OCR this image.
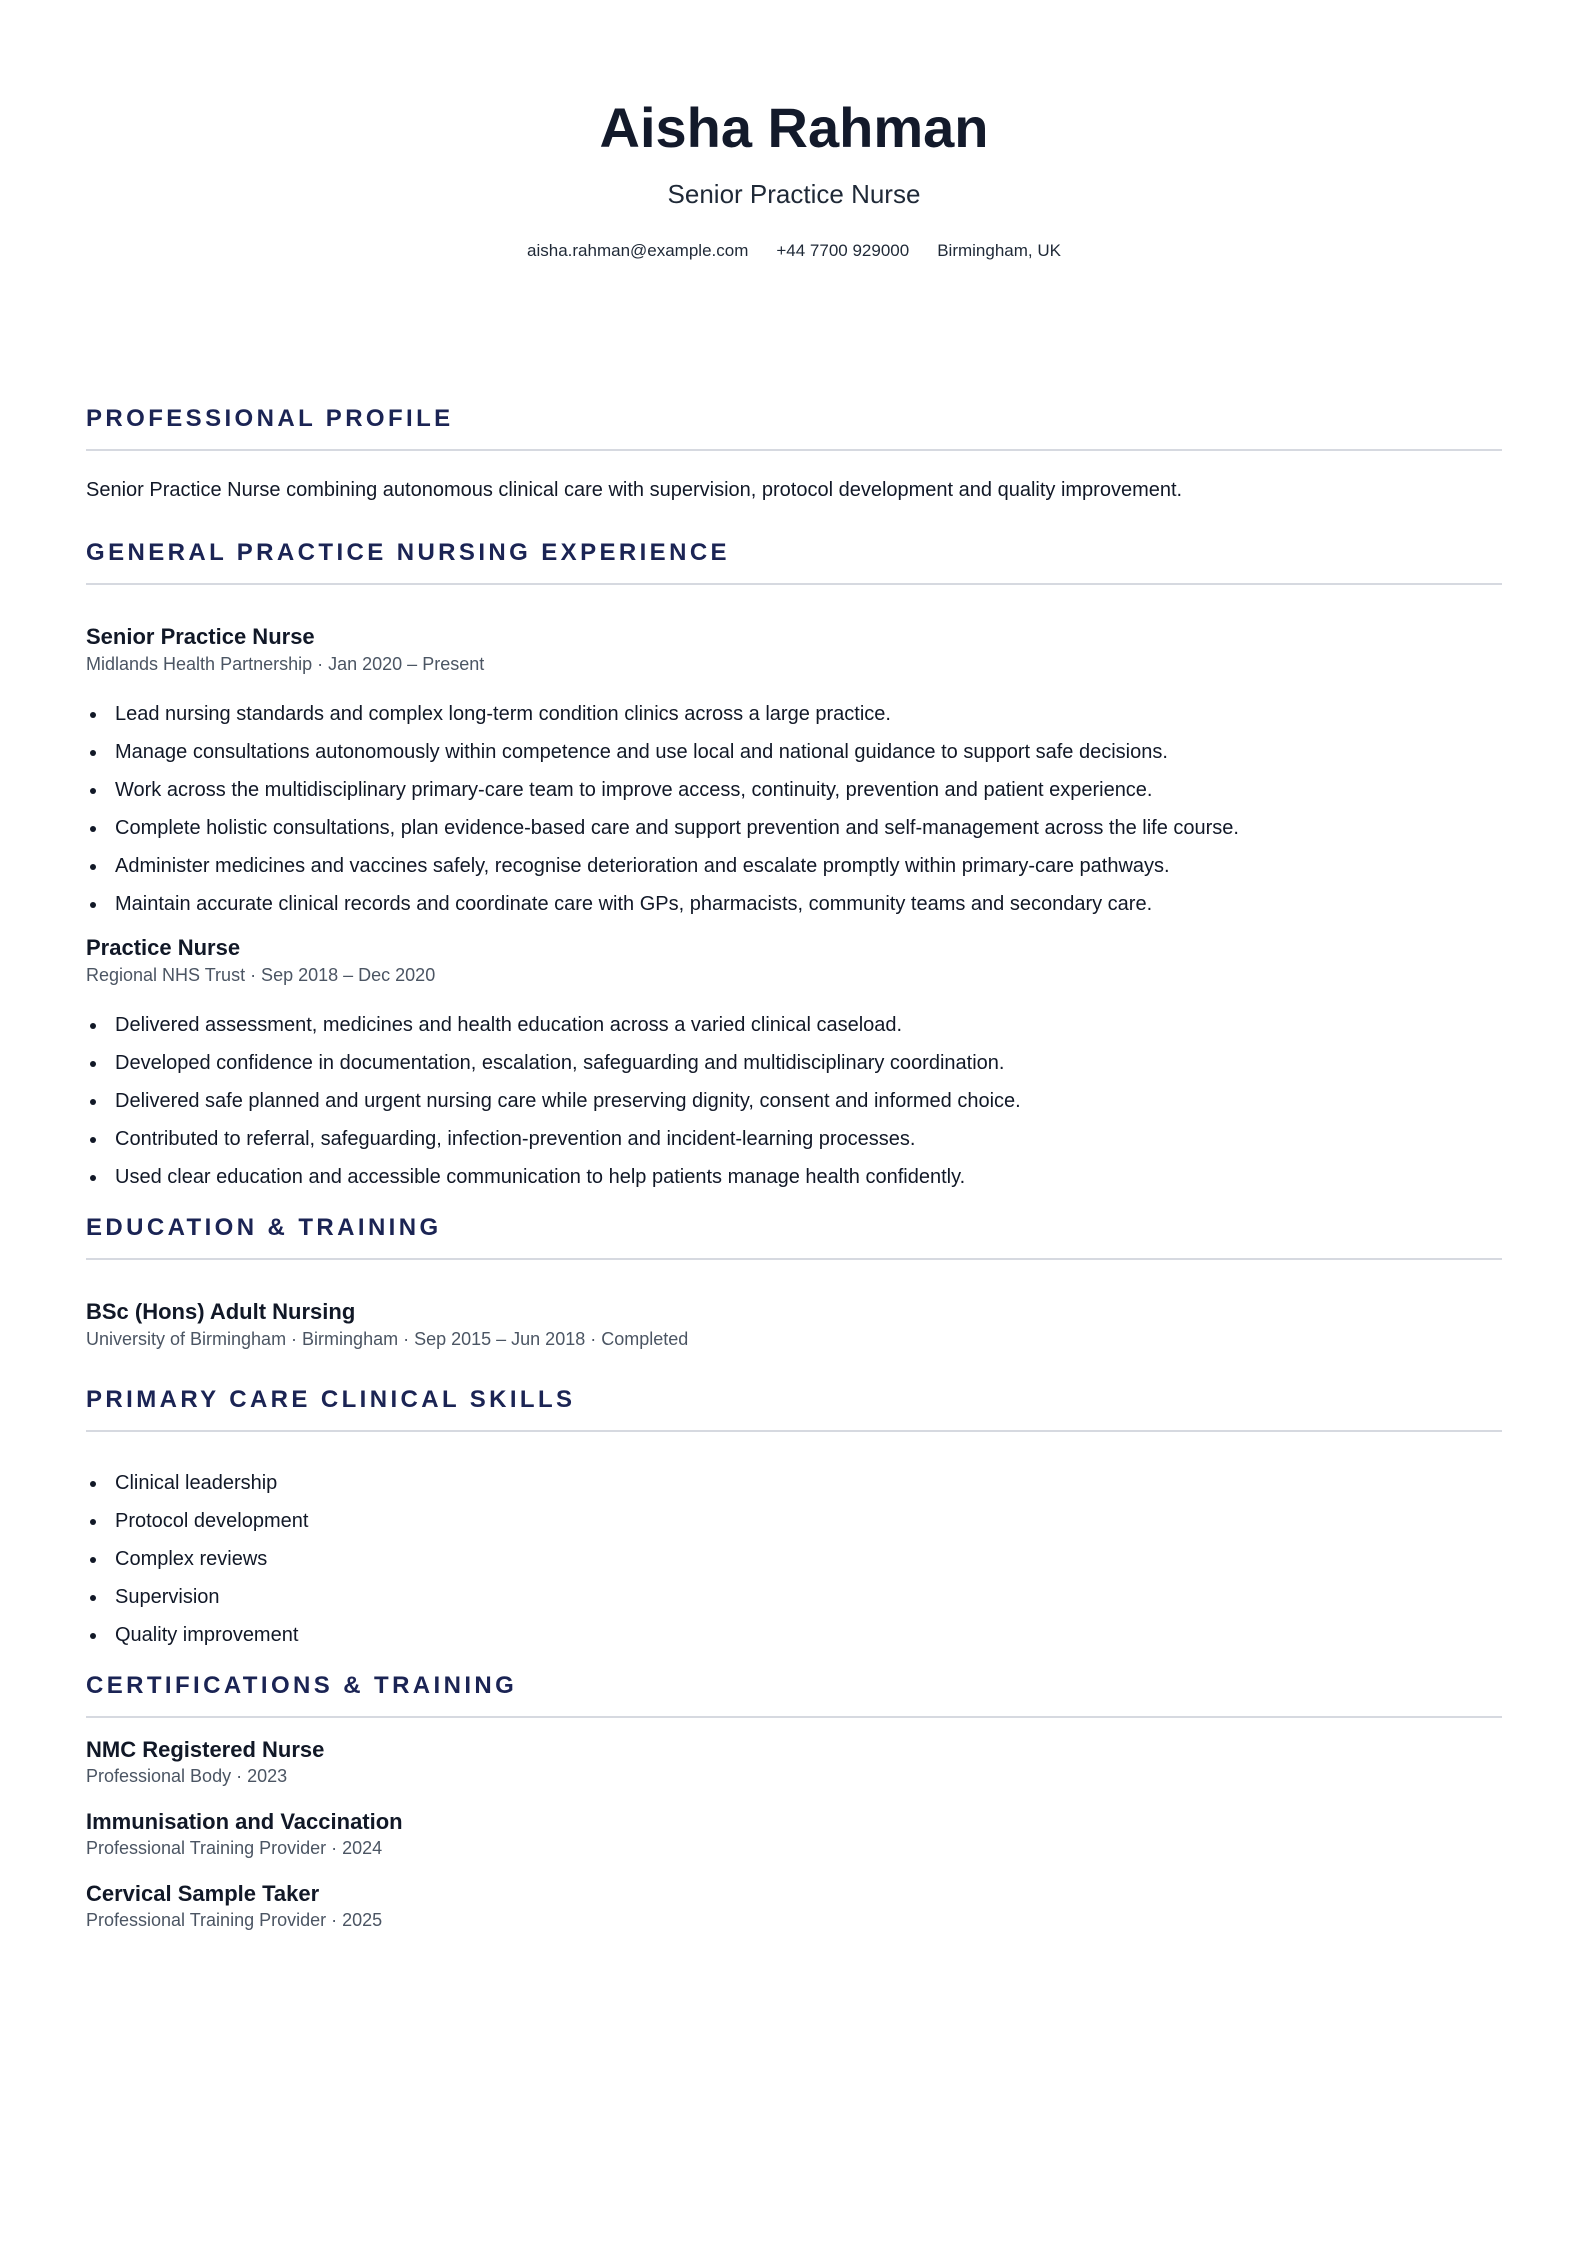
Aisha Rahman
Senior Practice Nurse
aisha.rahman@example.com +44 7700 929000 Birmingham, UK
PROFESSIONAL PROFILE
Senior Practice Nurse combining autonomous clinical care with supervision, protocol development and quality improvement.
GENERAL PRACTICE NURSING EXPERIENCE
Senior Practice Nurse
Midlands Health Partnership · Jan 2020 – Present
Lead nursing standards and complex long-term condition clinics across a large practice.
Manage consultations autonomously within competence and use local and national guidance to support safe decisions.
Work across the multidisciplinary primary-care team to improve access, continuity, prevention and patient experience.
Complete holistic consultations, plan evidence-based care and support prevention and self-management across the life course.
Administer medicines and vaccines safely, recognise deterioration and escalate promptly within primary-care pathways.
Maintain accurate clinical records and coordinate care with GPs, pharmacists, community teams and secondary care.
Practice Nurse
Regional NHS Trust · Sep 2018 – Dec 2020
Delivered assessment, medicines and health education across a varied clinical caseload.
Developed confidence in documentation, escalation, safeguarding and multidisciplinary coordination.
Delivered safe planned and urgent nursing care while preserving dignity, consent and informed choice.
Contributed to referral, safeguarding, infection-prevention and incident-learning processes.
Used clear education and accessible communication to help patients manage health confidently.
EDUCATION & TRAINING
BSc (Hons) Adult Nursing
University of Birmingham · Birmingham · Sep 2015 – Jun 2018 · Completed
PRIMARY CARE CLINICAL SKILLS
Clinical leadership
Protocol development
Complex reviews
Supervision
Quality improvement
CERTIFICATIONS & TRAINING
NMC Registered Nurse
Professional Body · 2023
Immunisation and Vaccination
Professional Training Provider · 2024
Cervical Sample Taker
Professional Training Provider · 2025
